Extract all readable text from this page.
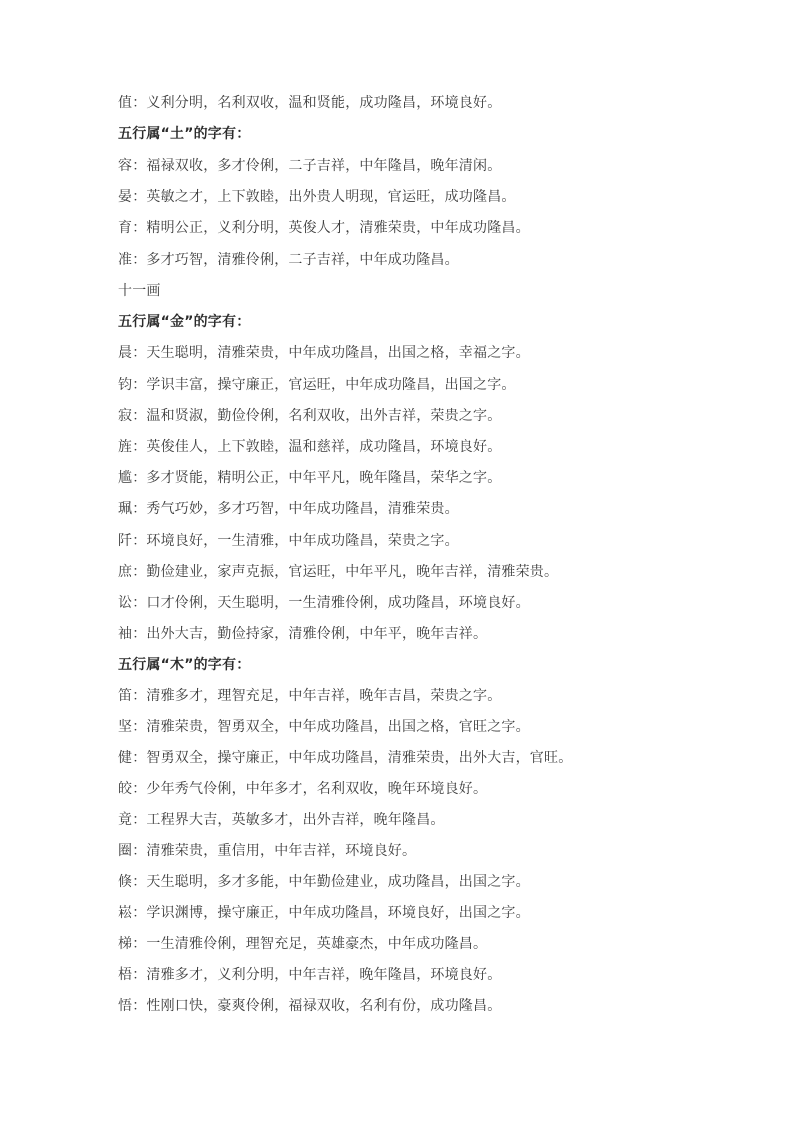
值：义利分明，名利双收，温和贤能，成功隆昌，环境良好。
五行属“土”的字有：
容：福禄双收，多才伶俐，二子吉祥，中年隆昌，晚年清闲。
晏：英敏之才，上下敦睦，出外贵人明现，官运旺，成功隆昌。
育：精明公正，义利分明，英俊人才，清雅荣贵，中年成功隆昌。
准：多才巧智，清雅伶俐，二子吉祥，中年成功隆昌。
十一画
五行属“金”的字有：
晨：天生聪明，清雅荣贵，中年成功隆昌，出国之格，幸福之字。
钧：学识丰富，操守廉正，官运旺，中年成功隆昌，出国之字。
寂：温和贤淑，勤俭伶俐，名利双收，出外吉祥，荣贵之字。
旌：英俊佳人，上下敦睦，温和慈祥，成功隆昌，环境良好。
尴：多才贤能，精明公正，中年平凡，晚年隆昌，荣华之字。
珮：秀气巧妙，多才巧智，中年成功隆昌，清雅荣贵。
阡：环境良好，一生清雅，中年成功隆昌，荣贵之字。
庶：勤俭建业，家声克振，官运旺，中年平凡，晚年吉祥，清雅荣贵。
讼：口才伶俐，天生聪明，一生清雅伶俐，成功隆昌，环境良好。
袖：出外大吉，勤俭持家，清雅伶俐，中年平，晚年吉祥。
五行属“木”的字有：
笛：清雅多才，理智充足，中年吉祥，晚年吉昌，荣贵之字。
坚：清雅荣贵，智勇双全，中年成功隆昌，出国之格，官旺之字。
健：智勇双全，操守廉正，中年成功隆昌，清雅荣贵，出外大吉，官旺。
皎：少年秀气伶俐，中年多才，名利双收，晚年环境良好。
竟：工程界大吉，英敏多才，出外吉祥，晚年隆昌。
圈：清雅荣贵，重信用，中年吉祥，环境良好。
倏：天生聪明，多才多能，中年勤俭建业，成功隆昌，出国之字。
崧：学识渊博，操守廉正，中年成功隆昌，环境良好，出国之字。
梯：一生清雅伶俐，理智充足，英雄豪杰，中年成功隆昌。
梧：清雅多才，义利分明，中年吉祥，晚年隆昌，环境良好。
悟：性刚口快，豪爽伶俐，福禄双收，名利有份，成功隆昌。
